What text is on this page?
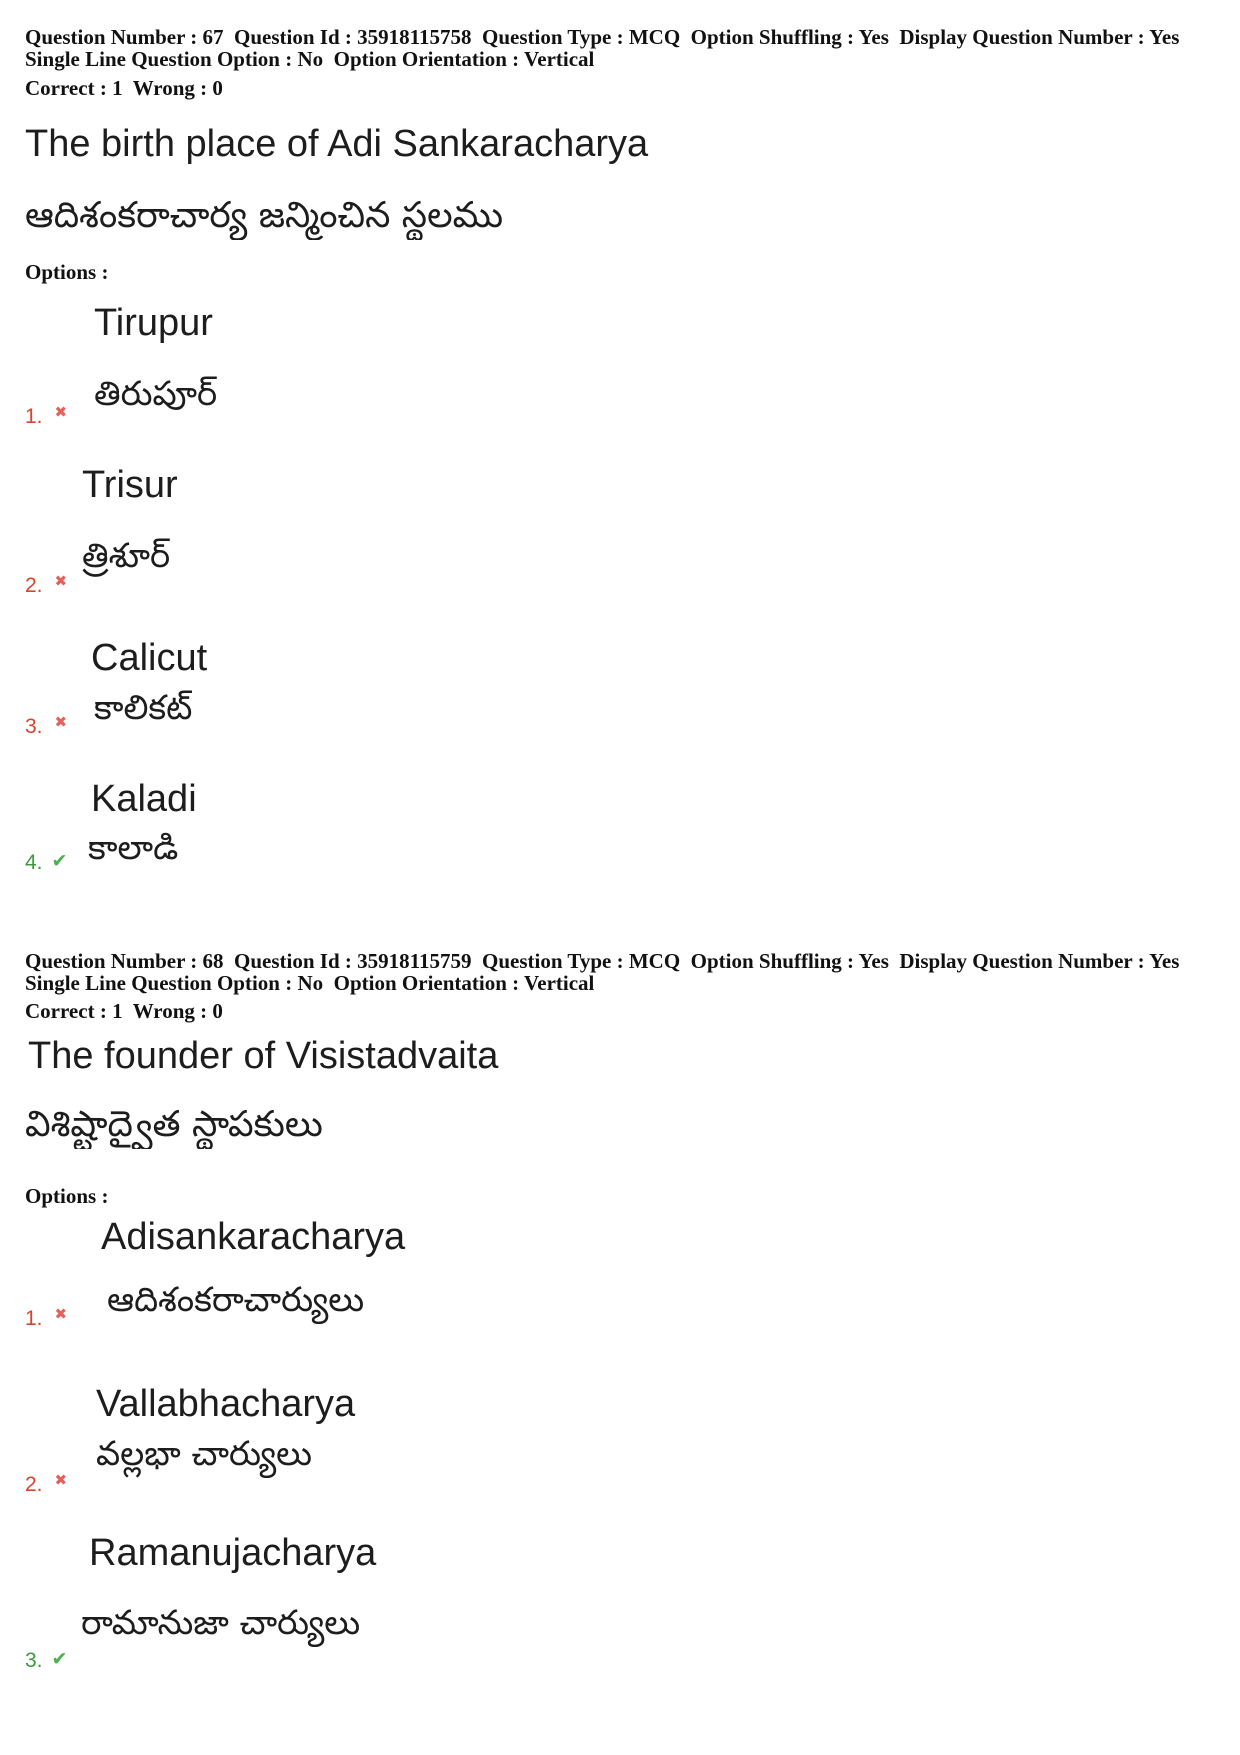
Question Number : 67 Question Id : 35918115758 Question Type : MCQ Option Shuffling : Yes Display Question Number : Yes
Single Line Question Option : No Option Orientation : Vertical
Correct : 1 Wrong : 0
The birth place of Adi Sankaracharya
ఆదిశంకరాచార్య జన్మించిన స్థలము
Options :
Tirupur
తిరుపూర్
1.✖
Trisur
త్రిశూర్
2.✖
Calicut
కాలికట్
3.✖
Kaladi
కాలాడి
4.✔
Question Number : 68 Question Id : 35918115759 Question Type : MCQ Option Shuffling : Yes Display Question Number : Yes
Single Line Question Option : No Option Orientation : Vertical
Correct : 1 Wrong : 0
The founder of Visistadvaita
విశిష్టాద్వైత స్థాపకులు
Options :
Adisankaracharya
ఆదిశంకరాచార్యులు
1.✖
Vallabhacharya
వల్లభా చార్యులు
2.✖
Ramanujacharya
రామానుజా చార్యులు
3.✔
